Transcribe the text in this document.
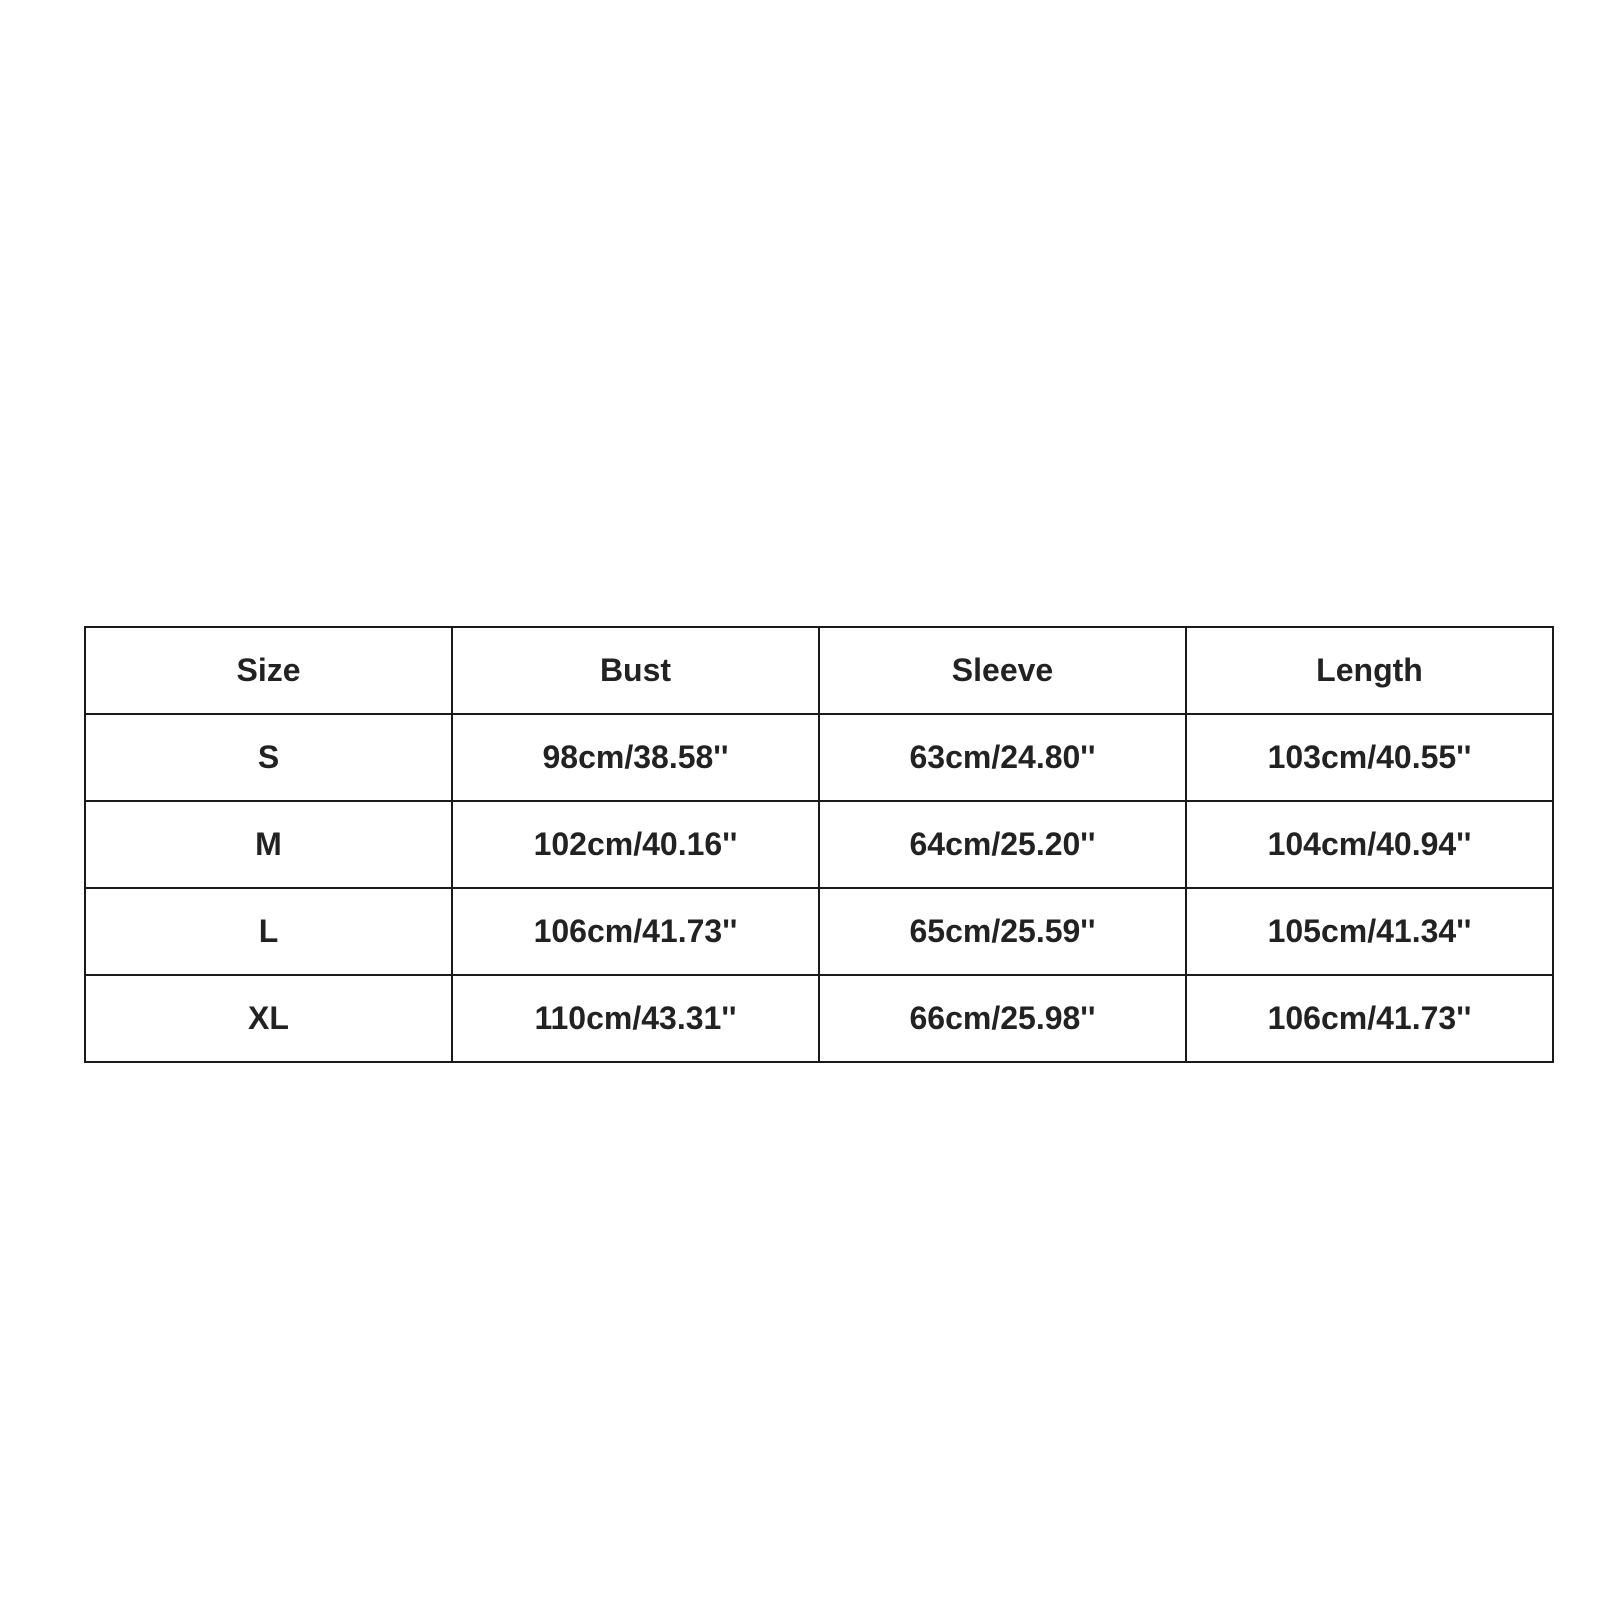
Size	Bust	Sleeve	Length
S	98cm/38.58''	63cm/24.80''	103cm/40.55''
M	102cm/40.16''	64cm/25.20''	104cm/40.94''
L	106cm/41.73''	65cm/25.59''	105cm/41.34''
XL	110cm/43.31''	66cm/25.98''	106cm/41.73''
